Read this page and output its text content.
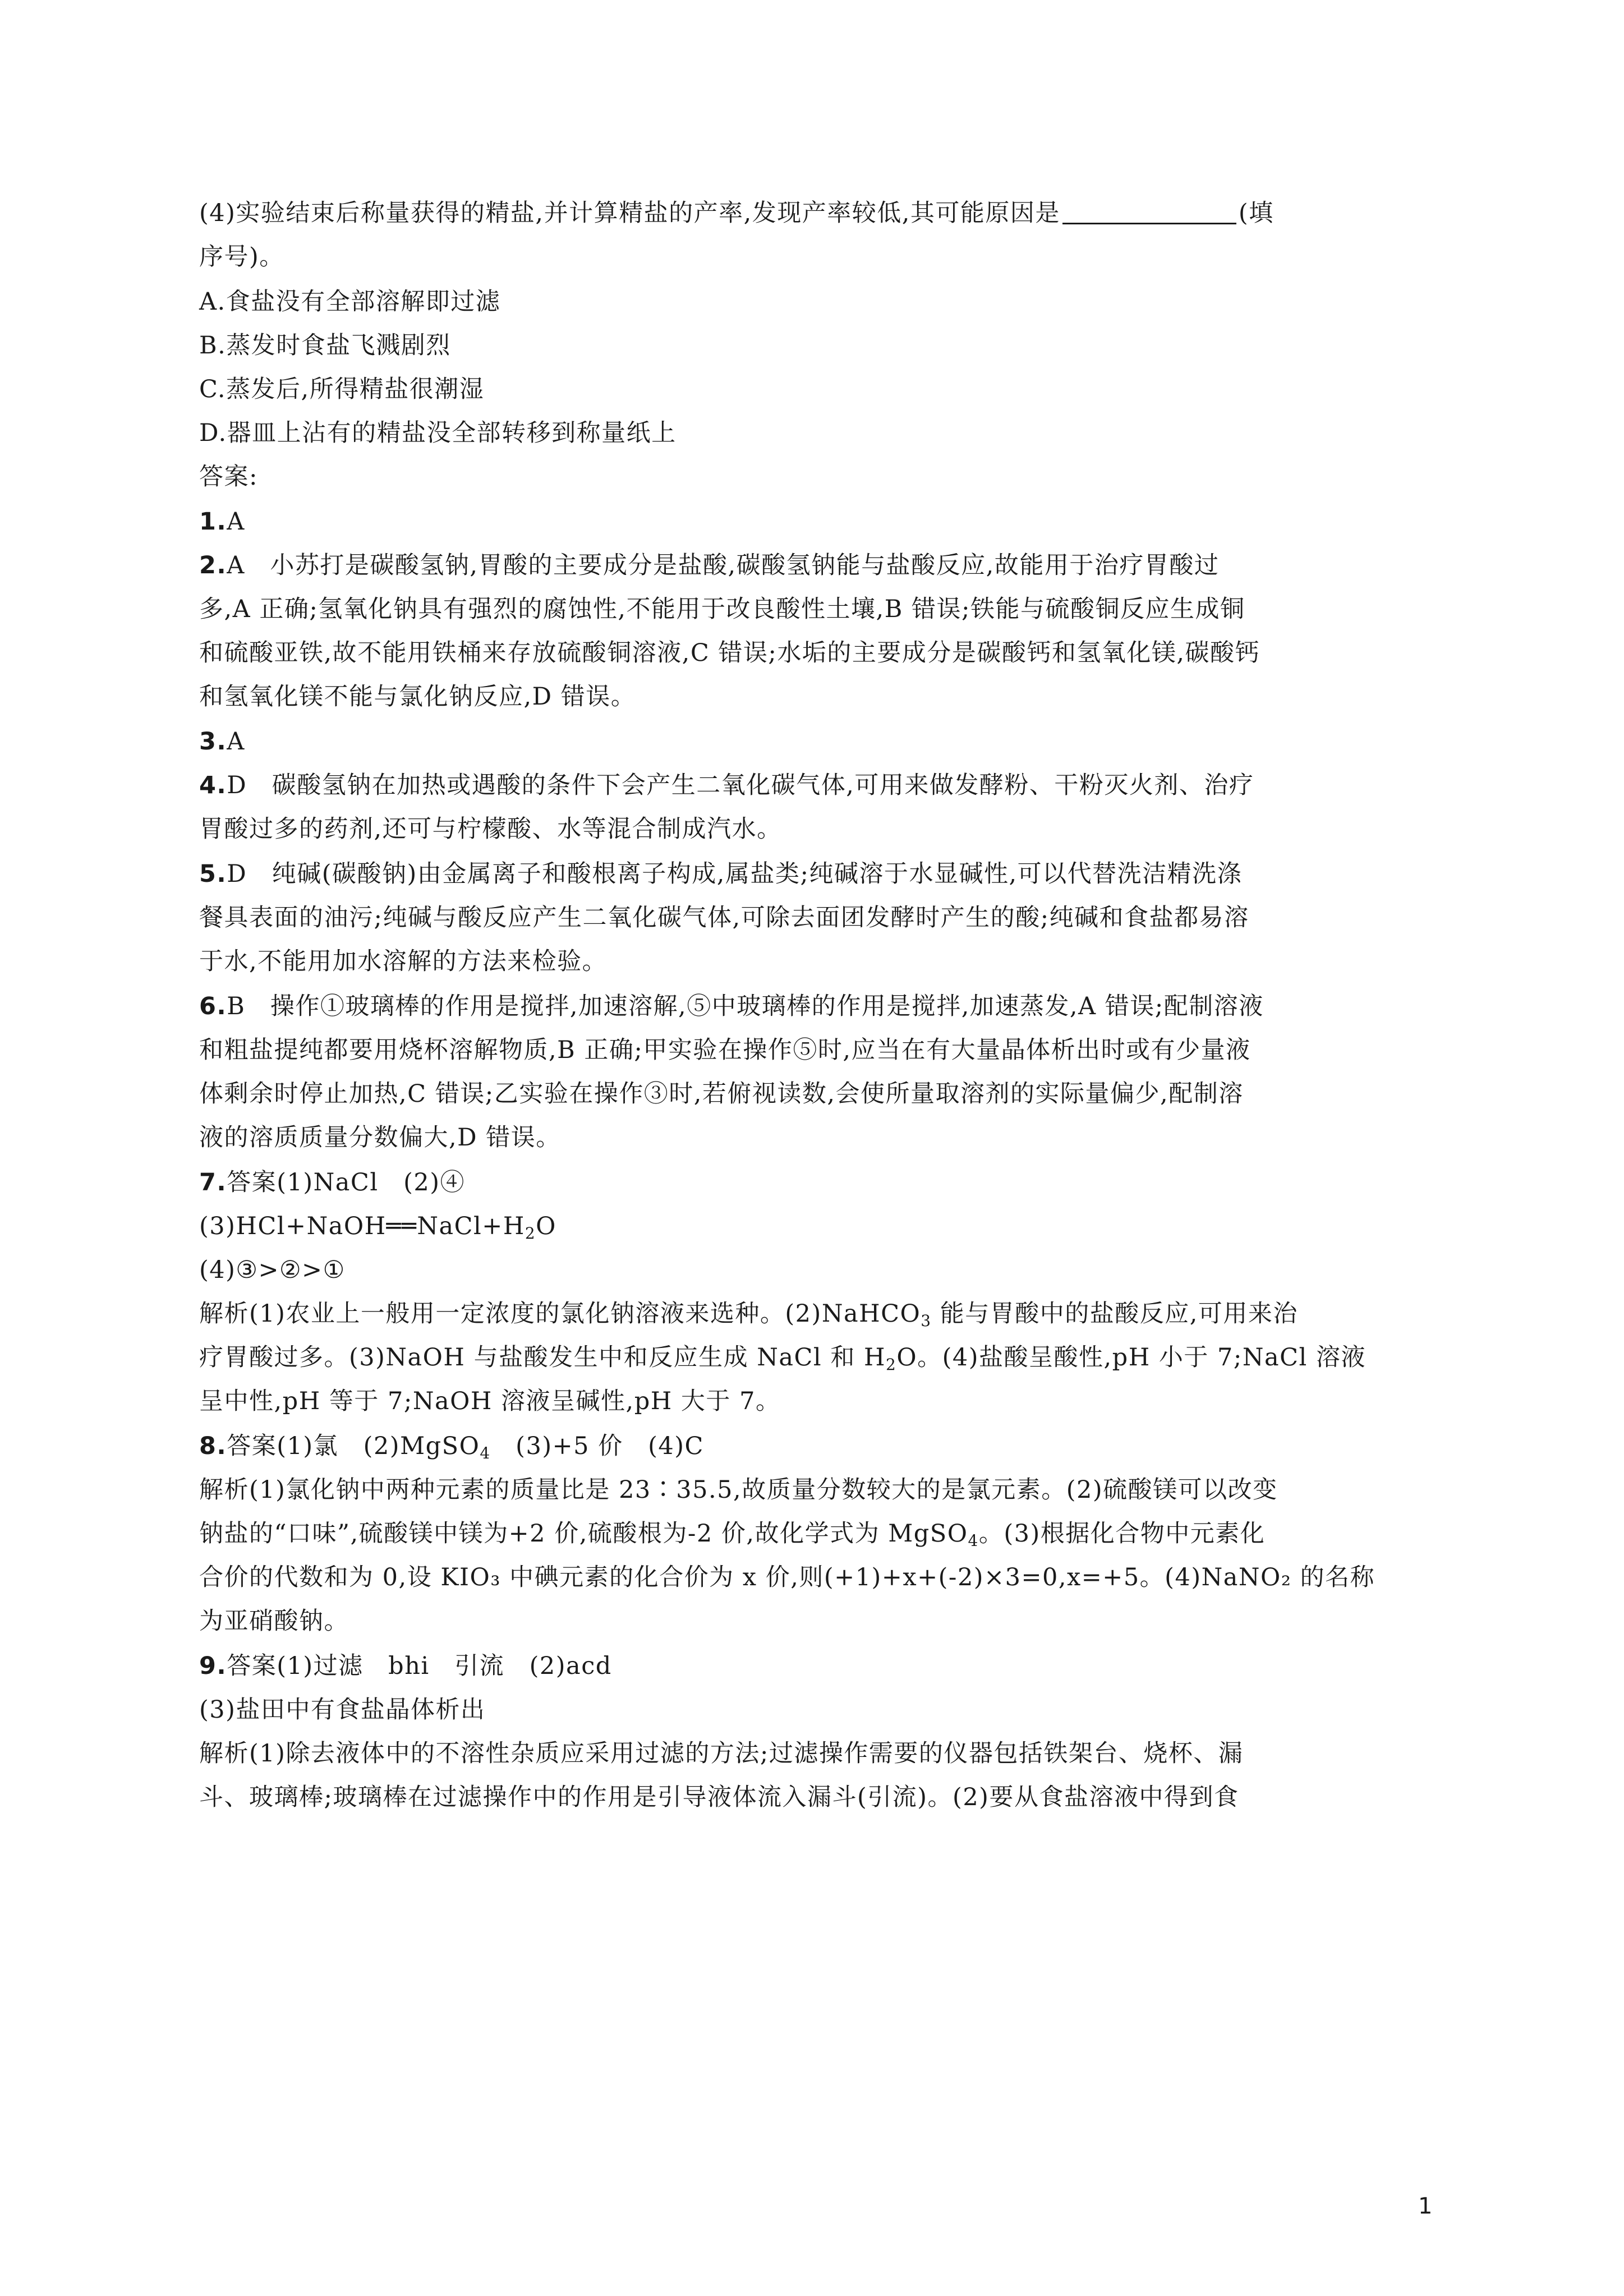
(4)实验结束后称量获得的精盐,并计算精盐的产率,发现产率较低,其可能原因是	(填
序号)。
A.食盐没有全部溶解即过滤
B.蒸发时食盐飞溅剧烈
C.蒸发后,所得精盐很潮湿
D.器皿上沾有的精盐没全部转移到称量纸上
答案:
1.A
2.A　小苏打是碳酸氢钠,胃酸的主要成分是盐酸,碳酸氢钠能与盐酸反应,故能用于治疗胃酸过
多,A 正确;氢氧化钠具有强烈的腐蚀性,不能用于改良酸性土壤,B 错误;铁能与硫酸铜反应生成铜
和硫酸亚铁,故不能用铁桶来存放硫酸铜溶液,C 错误;水垢的主要成分是碳酸钙和氢氧化镁,碳酸钙
和氢氧化镁不能与氯化钠反应,D 错误。
3.A
4.D　碳酸氢钠在加热或遇酸的条件下会产生二氧化碳气体,可用来做发酵粉、干粉灭火剂、治疗
胃酸过多的药剂,还可与柠檬酸、水等混合制成汽水。
5.D　纯碱(碳酸钠)由金属离子和酸根离子构成,属盐类;纯碱溶于水显碱性,可以代替洗洁精洗涤
餐具表面的油污;纯碱与酸反应产生二氧化碳气体,可除去面团发酵时产生的酸;纯碱和食盐都易溶
于水,不能用加水溶解的方法来检验。
6.B　操作①玻璃棒的作用是搅拌,加速溶解,⑤中玻璃棒的作用是搅拌,加速蒸发,A 错误;配制溶液
和粗盐提纯都要用烧杯溶解物质,B 正确;甲实验在操作⑤时,应当在有大量晶体析出时或有少量液
体剩余时停止加热,C 错误;乙实验在操作③时,若俯视读数,会使所量取溶剂的实际量偏少,配制溶
液的溶质质量分数偏大,D 错误。
7.答案(1)NaCl　(2)④
$(3)HCl+NaOH══NaCl+H_2O$
(4)③>②>①
解析(1)农业上一般用一定浓度的氯化钠溶液来选种。(2)NaHCO$_3$ 能与胃酸中的盐酸反应,可用来治
疗胃酸过多。(3)NaOH 与盐酸发生中和反应生成 NaCl 和 $H_2O$。(4)盐酸呈酸性,pH 小于 7;NaCl 溶液
呈中性,pH 等于 7;NaOH 溶液呈碱性,pH 大于 7。
8.答案(1)氯　(2)MgSO$_4$　(3)+5 价　(4)C
解析(1)氯化钠中两种元素的质量比是 23∶35.5,故质量分数较大的是氯元素。(2)硫酸镁可以改变
钠盐的“口味”,硫酸镁中镁为+2 价,硫酸根为-2 价,故化学式为 MgSO$_4$。(3)根据化合物中元素化
合价的代数和为 0,设 KIO₃ 中碘元素的化合价为 x 价,则(+1)+x+(-2)×3=0,x=+5。(4)NaNO₂ 的名称
为亚硝酸钠。
9.答案(1)过滤　bhi　引流　(2)acd
(3)盐田中有食盐晶体析出
解析(1)除去液体中的不溶性杂质应采用过滤的方法;过滤操作需要的仪器包括铁架台、烧杯、漏
斗、玻璃棒;玻璃棒在过滤操作中的作用是引导液体流入漏斗(引流)。(2)要从食盐溶液中得到食
1
